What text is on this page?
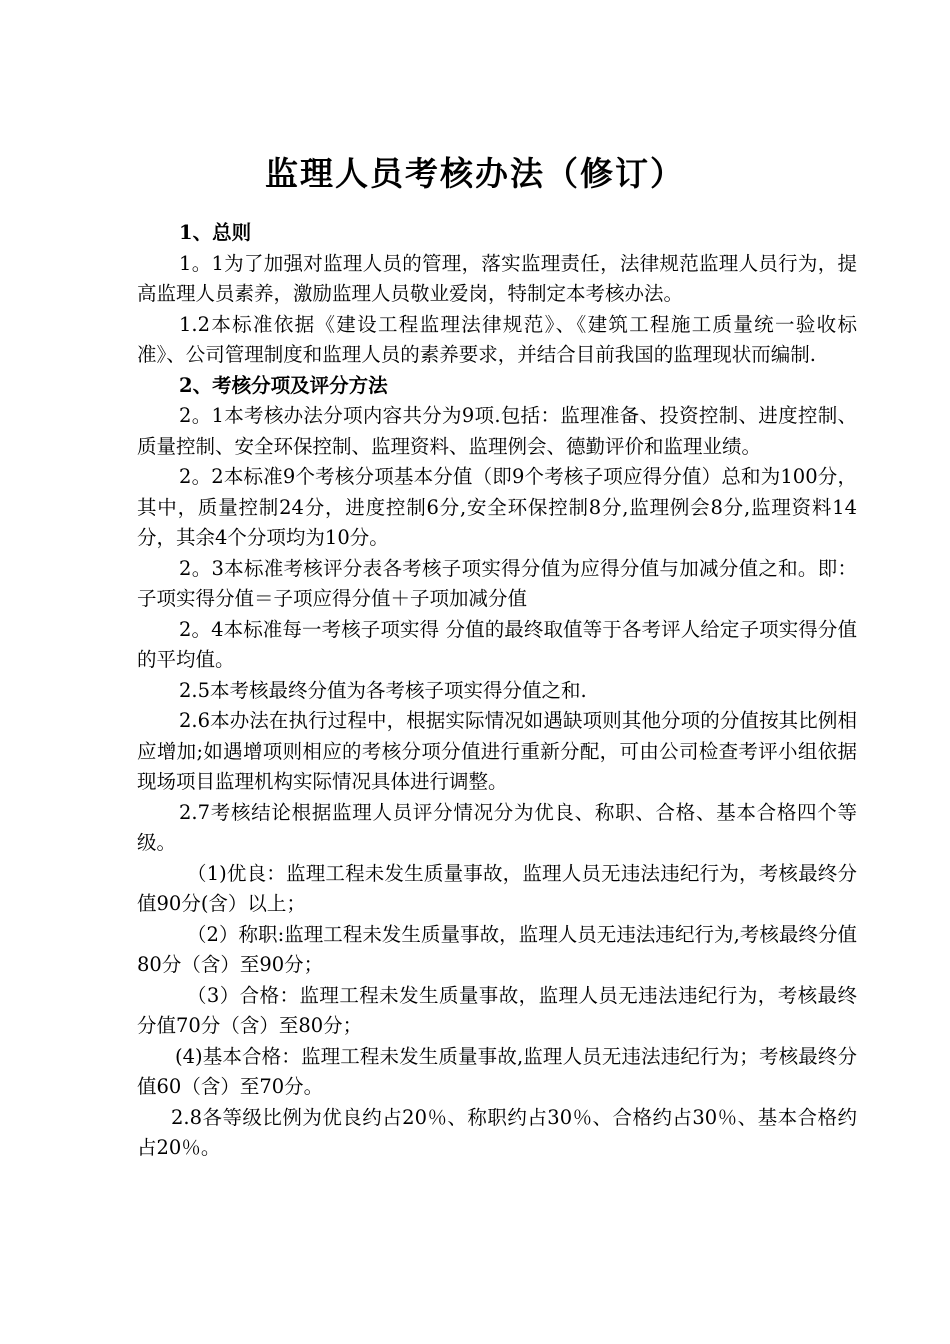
监理人员考核办法（修订）

1、总则

1。1为了加强对监理人员的管理，落实监理责任，法律规范监理人员行为，提高监理人员素养，激励监理人员敬业爱岗，特制定本考核办法。

1.2本标准依据《建设工程监理法律规范》、《建筑工程施工质量统一验收标准》、公司管理制度和监理人员的素养要求，并结合目前我国的监理现状而编制.

2、考核分项及评分方法

2。1本考核办法分项内容共分为9项.包括：监理准备、投资控制、进度控制、质量控制、安全环保控制、监理资料、监理例会、德勤评价和监理业绩。

2。2本标准9个考核分项基本分值（即9个考核子项应得分值）总和为100分，其中，质量控制24分，进度控制6分,安全环保控制8分,监理例会8分,监理资料14分，其余4个分项均为10分。

2。3本标准考核评分表各考核子项实得分值为应得分值与加减分值之和。即：子项实得分值＝子项应得分值＋子项加减分值

2。4本标准每一考核子项实得 分值的最终取值等于各考评人给定子项实得分值的平均值。

2.5本考核最终分值为各考核子项实得分值之和.

2.6本办法在执行过程中，根据实际情况如遇缺项则其他分项的分值按其比例相应增加;如遇增项则相应的考核分项分值进行重新分配，可由公司检查考评小组依据现场项目监理机构实际情况具体进行调整。

2.7考核结论根据监理人员评分情况分为优良、称职、合格、基本合格四个等级。

（1)优良：监理工程未发生质量事故，监理人员无违法违纪行为，考核最终分值90分(含）以上；

（2）称职:监理工程未发生质量事故，监理人员无违法违纪行为,考核最终分值80分（含）至90分；

（3）合格：监理工程未发生质量事故，监理人员无违法违纪行为，考核最终分值70分（含）至80分；

(4)基本合格：监理工程未发生质量事故,监理人员无违法违纪行为；考核最终分值60（含）至70分。

2.8各等级比例为优良约占20％、称职约占30％、合格约占30％、基本合格约占20％。
